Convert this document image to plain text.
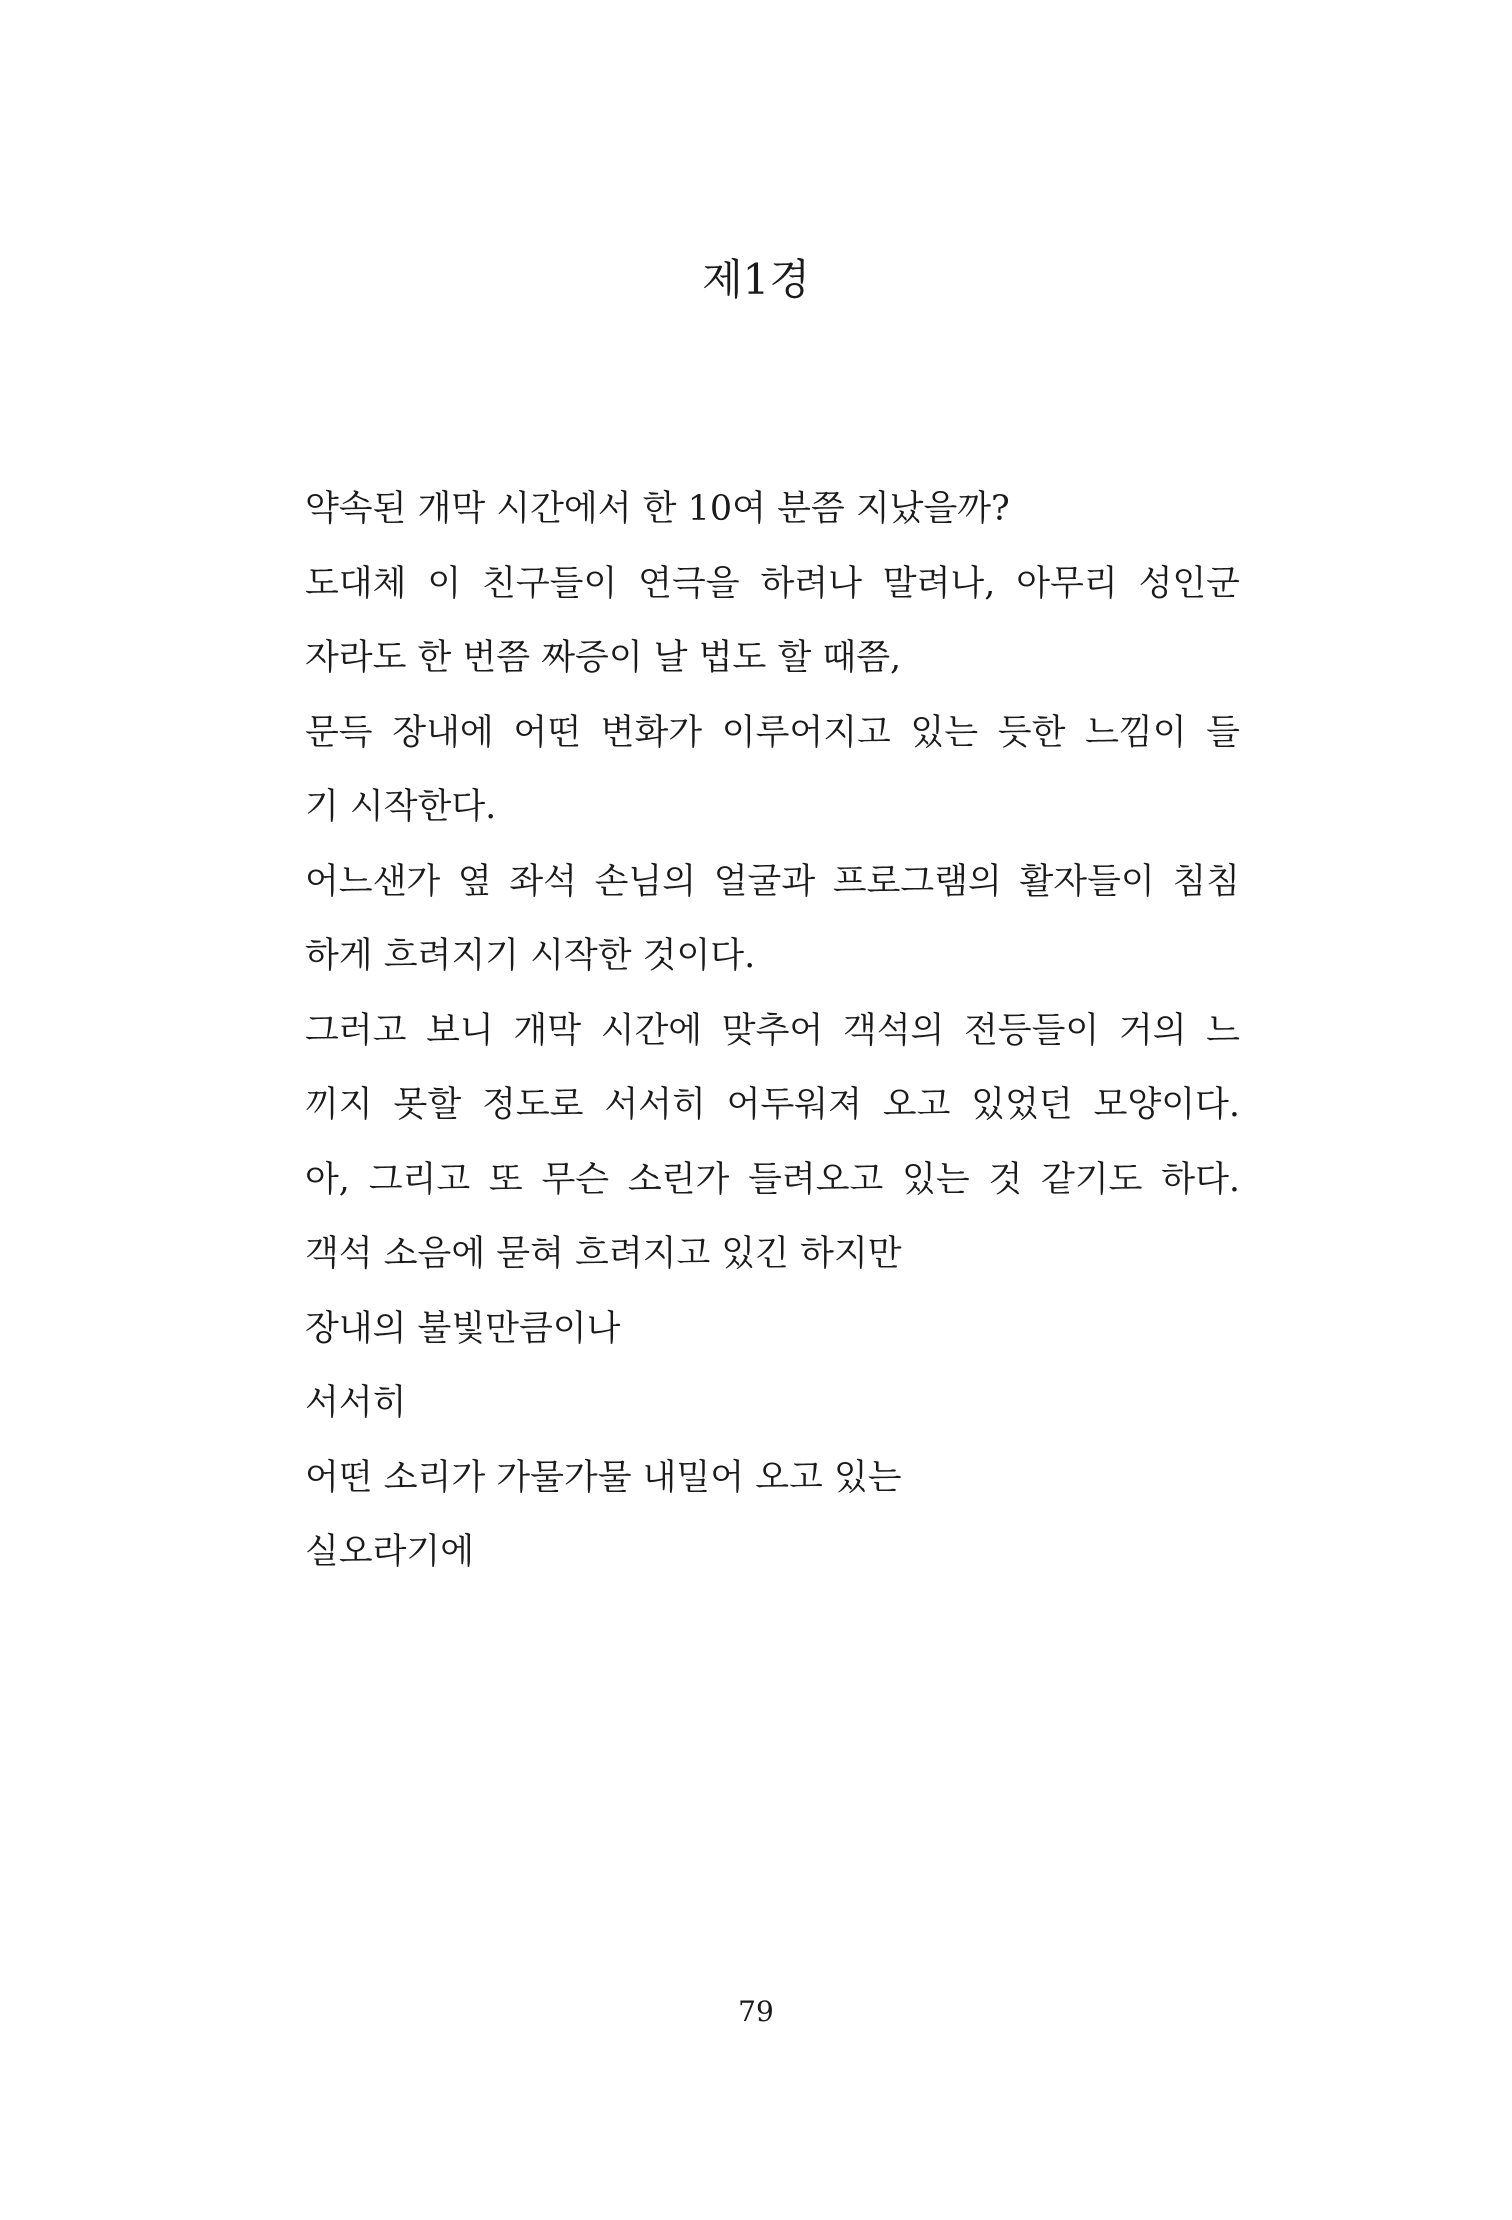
제1경
약속된 개막 시간에서 한 10여 분쯤 지났을까?
도대체 이 친구들이 연극을 하려나 말려나, 아무리 성인군
자라도 한 번쯤 짜증이 날 법도 할 때쯤,
문득 장내에 어떤 변화가 이루어지고 있는 듯한 느낌이 들
기 시작한다.
어느샌가 옆 좌석 손님의 얼굴과 프로그램의 활자들이 침침
하게 흐려지기 시작한 것이다.
그러고 보니 개막 시간에 맞추어 객석의 전등들이 거의 느
끼지 못할 정도로 서서히 어두워져 오고 있었던 모양이다.
아, 그리고 또 무슨 소린가 들려오고 있는 것 같기도 하다.
객석 소음에 묻혀 흐려지고 있긴 하지만
장내의 불빛만큼이나
서서히
어떤 소리가 가물가물 내밀어 오고 있는
실오라기에
79
